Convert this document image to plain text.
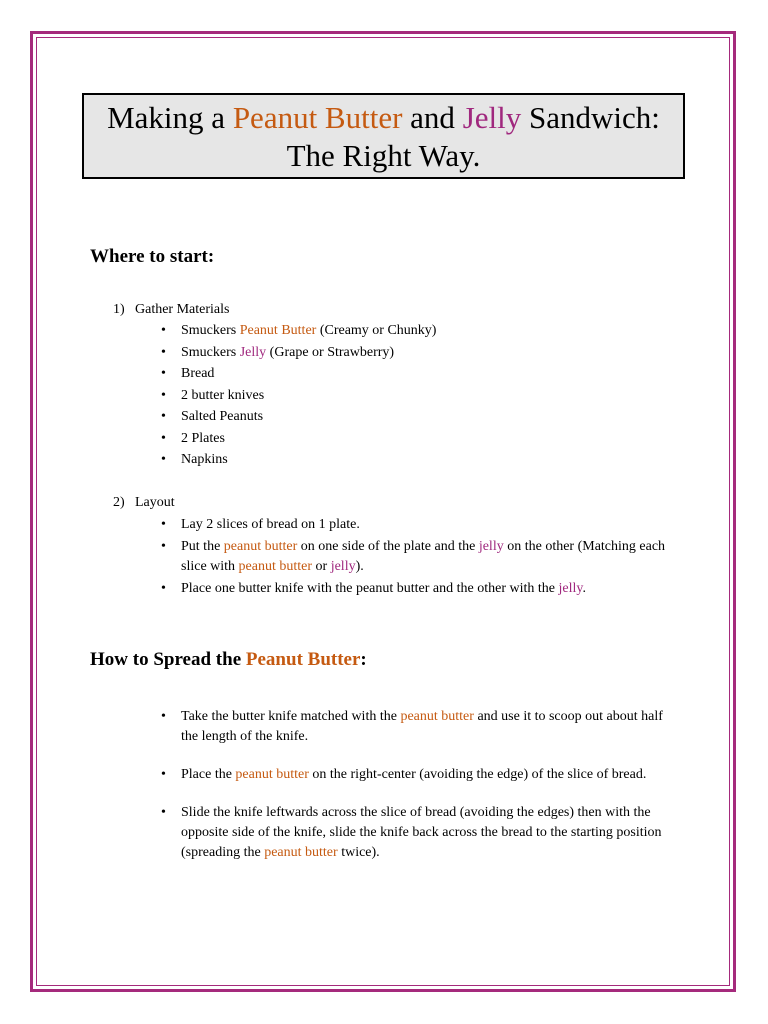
Making a Peanut Butter and Jelly Sandwich:
The Right Way.
Where to start:
1) Gather Materials
• Smuckers Peanut Butter (Creamy or Chunky)
• Smuckers Jelly (Grape or Strawberry)
• Bread
• 2 butter knives
• Salted Peanuts
• 2 Plates
• Napkins
2) Layout
• Lay 2 slices of bread on 1 plate.
• Put the peanut butter on one side of the plate and the jelly on the other (Matching each slice with peanut butter or jelly).
• Place one butter knife with the peanut butter and the other with the jelly.
How to Spread the Peanut Butter:
• Take the butter knife matched with the peanut butter and use it to scoop out about half the length of the knife.
• Place the peanut butter on the right-center (avoiding the edge) of the slice of bread.
• Slide the knife leftwards across the slice of bread (avoiding the edges) then with the opposite side of the knife, slide the knife back across the bread to the starting position (spreading the peanut butter twice).
